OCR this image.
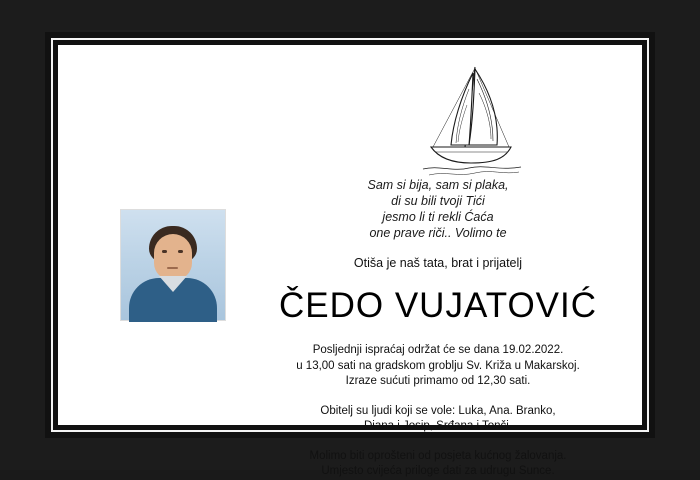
Sam si bija, sam si plaka,
di su bili tvoji Tići
jesmo li ti rekli Ćaća
one prave riči.. Volimo te
Otiša je naš tata, brat i prijatelj
ČEDO VUJATOVIĆ
Posljednji ispraćaj održat će se dana 19.02.2022.
u 13,00 sati na gradskom groblju Sv. Križa u Makarskoj.
Izraze sućuti primamo od 12,30 sati.
Obitelj su ljudi koji se vole: Luka, Ana. Branko,
Diana i Josip, Srđana i Tonči.
Molimo biti oprošteni od posjeta kućnog žalovanja.
Umjesto cvijeća priloge dati za udrugu Sunce.
